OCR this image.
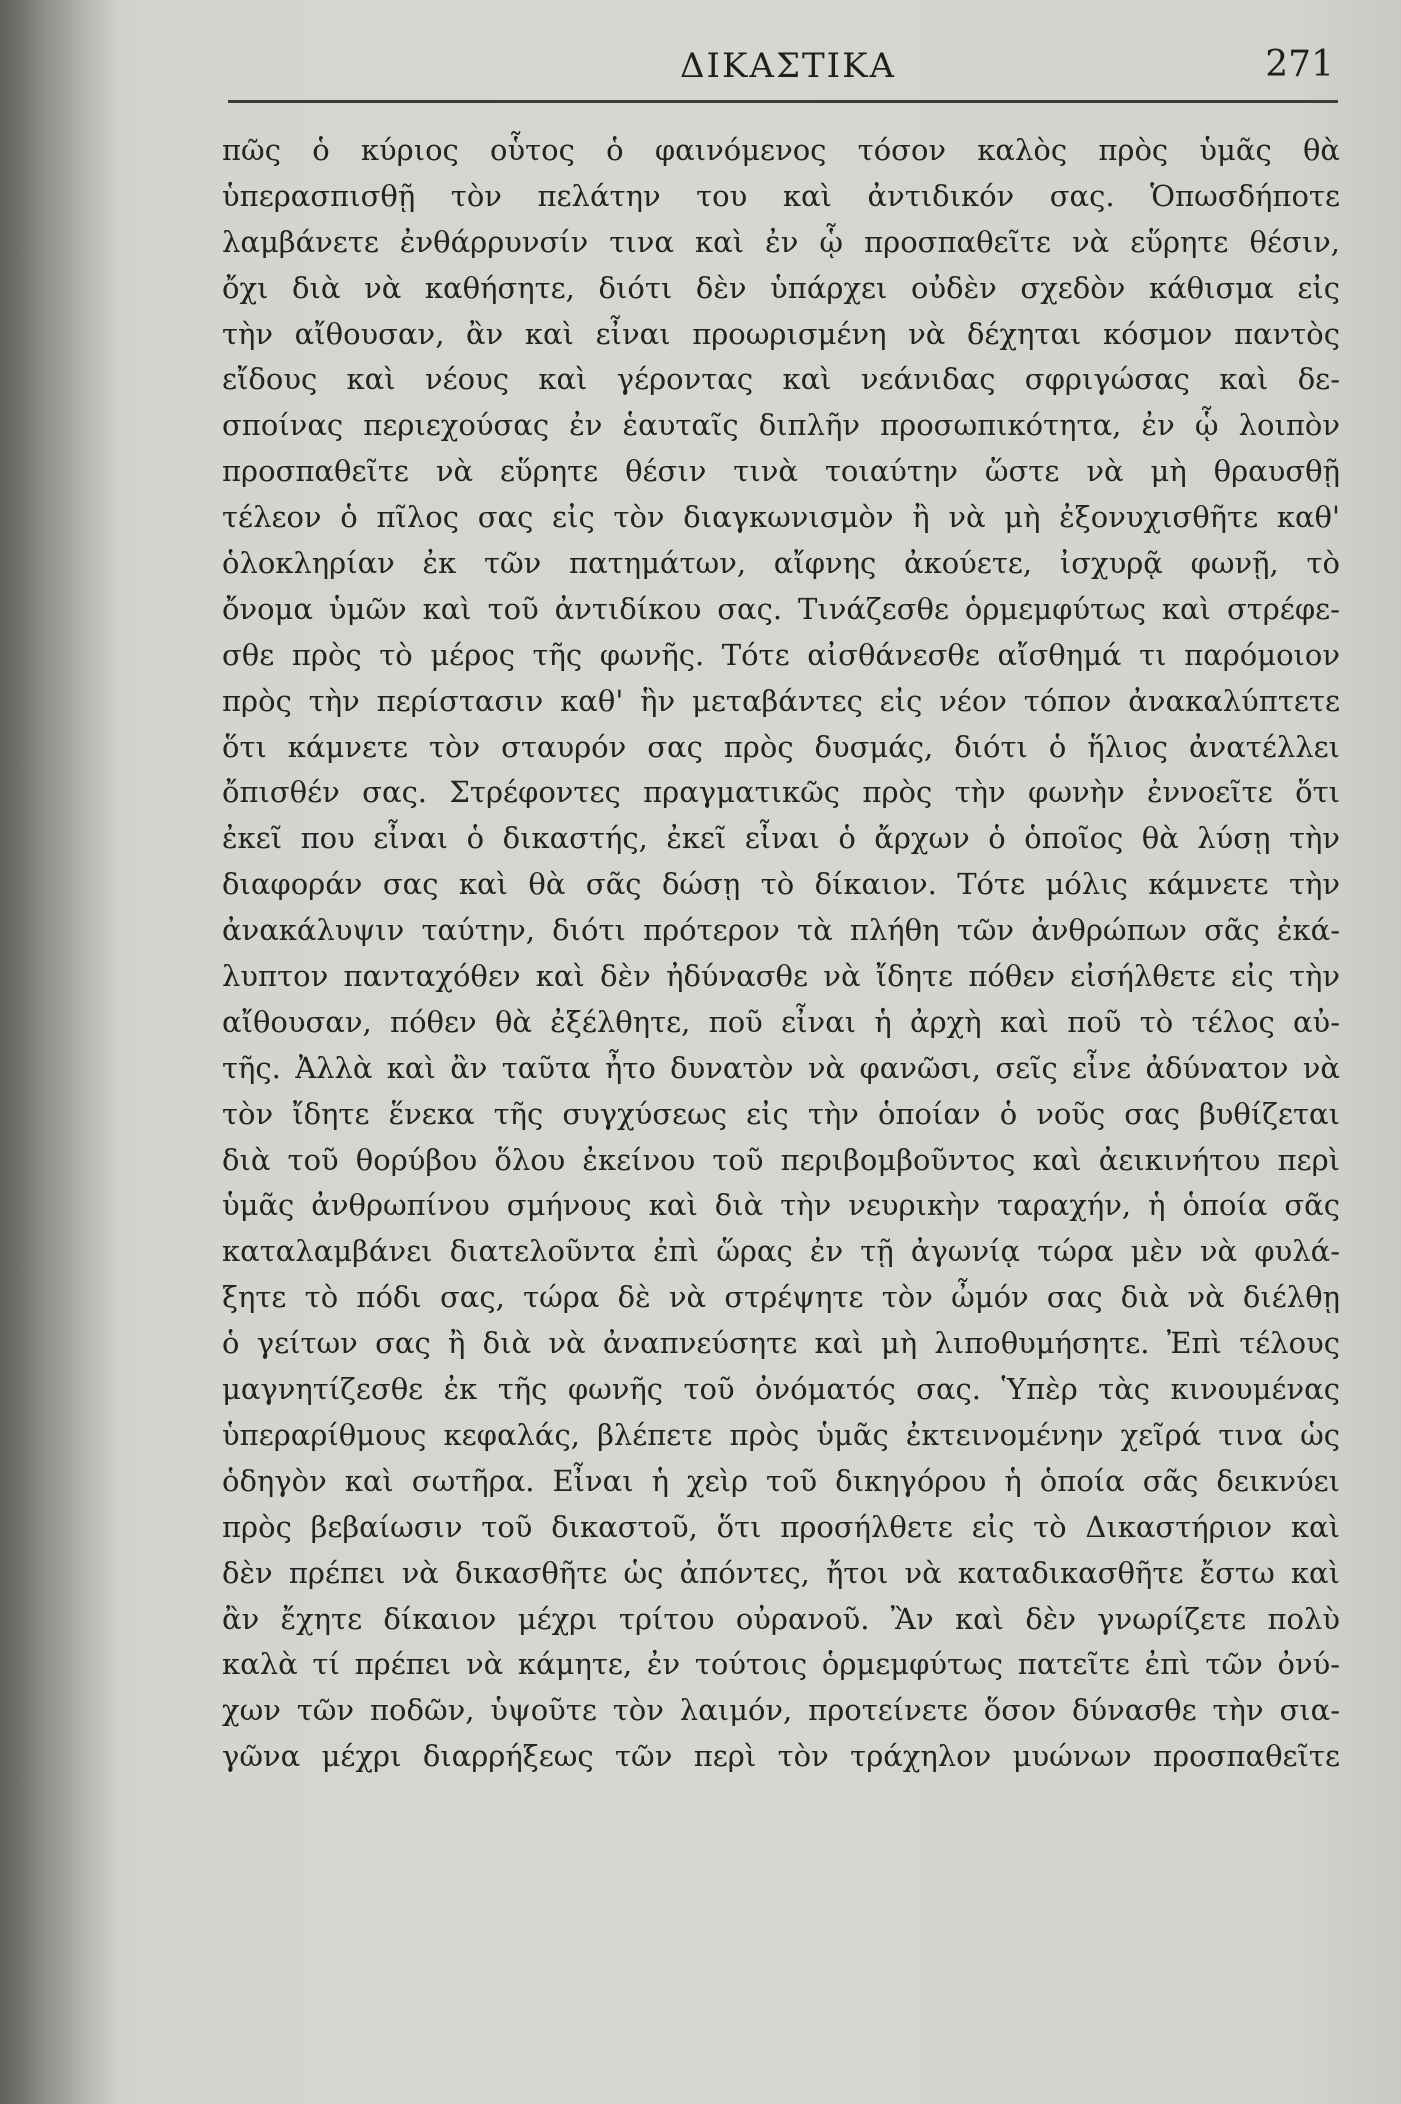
ΔΙΚΑΣΤΙΚΑ	271
πῶς ὁ κύριος οὗτος ὁ φαινόμενος τόσον καλὸς πρὸς ὑμᾶς θὰ
ὑπερασπισθῇ τὸν πελάτην του καὶ ἀντιδικόν σας. Ὁπωσδήποτε
λαμβάνετε ἐνθάρρυνσίν τινα καὶ ἐν ᾧ προσπαθεῖτε νὰ εὕρητε θέσιν,
ὄχι διὰ νὰ καθήσητε, διότι δὲν ὑπάρχει οὐδὲν σχεδὸν κάθισμα εἰς
τὴν αἴθουσαν, ἂν καὶ εἶναι προωρισμένη νὰ δέχηται κόσμον παντὸς
εἴδους καὶ νέους καὶ γέροντας καὶ νεάνιδας σφριγώσας καὶ δε-
σποίνας περιεχούσας ἐν ἑαυταῖς διπλῆν προσωπικότητα, ἐν ᾧ λοιπὸν
προσπαθεῖτε νὰ εὕρητε θέσιν τινὰ τοιαύτην ὥστε νὰ μὴ θραυσθῇ
τέλεον ὁ πῖλος σας εἰς τὸν διαγκωνισμὸν ἢ νὰ μὴ ἐξονυχισθῆτε καθ'
ὁλοκληρίαν ἐκ τῶν πατημάτων, αἴφνης ἀκούετε, ἰσχυρᾷ φωνῇ, τὸ
ὄνομα ὑμῶν καὶ τοῦ ἀντιδίκου σας. Τινάζεσθε ὁρμεμφύτως καὶ στρέφε-
σθε πρὸς τὸ μέρος τῆς φωνῆς. Τότε αἰσθάνεσθε αἴσθημά τι παρόμοιον
πρὸς τὴν περίστασιν καθ' ἣν μεταβάντες εἰς νέον τόπον ἀνακαλύπτετε
ὅτι κάμνετε τὸν σταυρόν σας πρὸς δυσμάς, διότι ὁ ἥλιος ἀνατέλλει
ὄπισθέν σας. Στρέφοντες πραγματικῶς πρὸς τὴν φωνὴν ἐννοεῖτε ὅτι
ἐκεῖ που εἶναι ὁ δικαστής, ἐκεῖ εἶναι ὁ ἄρχων ὁ ὁποῖος θὰ λύσῃ τὴν
διαφοράν σας καὶ θὰ σᾶς δώσῃ τὸ δίκαιον. Τότε μόλις κάμνετε τὴν
ἀνακάλυψιν ταύτην, διότι πρότερον τὰ πλήθη τῶν ἀνθρώπων σᾶς ἐκά-
λυπτον πανταχόθεν καὶ δὲν ἠδύνασθε νὰ ἴδητε πόθεν εἰσήλθετε εἰς τὴν
αἴθουσαν, πόθεν θὰ ἐξέλθητε, ποῦ εἶναι ἡ ἀρχὴ καὶ ποῦ τὸ τέλος αὐ-
τῆς. Ἀλλὰ καὶ ἂν ταῦτα ἦτο δυνατὸν νὰ φανῶσι, σεῖς εἶνε ἀδύνατον νὰ
τὸν ἴδητε ἕνεκα τῆς συγχύσεως εἰς τὴν ὁποίαν ὁ νοῦς σας βυθίζεται
διὰ τοῦ θορύβου ὅλου ἐκείνου τοῦ περιβομβοῦντος καὶ ἀεικινήτου περὶ
ὑμᾶς ἀνθρωπίνου σμήνους καὶ διὰ τὴν νευρικὴν ταραχήν, ἡ ὁποία σᾶς
καταλαμβάνει διατελοῦντα ἐπὶ ὥρας ἐν τῇ ἀγωνίᾳ τώρα μὲν νὰ φυλά-
ξητε τὸ πόδι σας, τώρα δὲ νὰ στρέψητε τὸν ὦμόν σας διὰ νὰ διέλθῃ
ὁ γείτων σας ἢ διὰ νὰ ἀναπνεύσητε καὶ μὴ λιποθυμήσητε. Ἐπὶ τέλους
μαγνητίζεσθε ἐκ τῆς φωνῆς τοῦ ὀνόματός σας. Ὑπὲρ τὰς κινουμένας
ὑπεραρίθμους κεφαλάς, βλέπετε πρὸς ὑμᾶς ἐκτεινομένην χεῖρά τινα ὡς
ὁδηγὸν καὶ σωτῆρα. Εἶναι ἡ χεὶρ τοῦ δικηγόρου ἡ ὁποία σᾶς δεικνύει
πρὸς βεβαίωσιν τοῦ δικαστοῦ, ὅτι προσήλθετε εἰς τὸ Δικαστήριον καὶ
δὲν πρέπει νὰ δικασθῆτε ὡς ἀπόντες, ἤτοι νὰ καταδικασθῆτε ἔστω καὶ
ἂν ἔχητε δίκαιον μέχρι τρίτου οὐρανοῦ. Ἂν καὶ δὲν γνωρίζετε πολὺ
καλὰ τί πρέπει νὰ κάμητε, ἐν τούτοις ὁρμεμφύτως πατεῖτε ἐπὶ τῶν ὀνύ-
χων τῶν ποδῶν, ὑψοῦτε τὸν λαιμόν, προτείνετε ὅσον δύνασθε τὴν σια-
γῶνα μέχρι διαρρήξεως τῶν περὶ τὸν τράχηλον μυώνων προσπαθεῖτε
